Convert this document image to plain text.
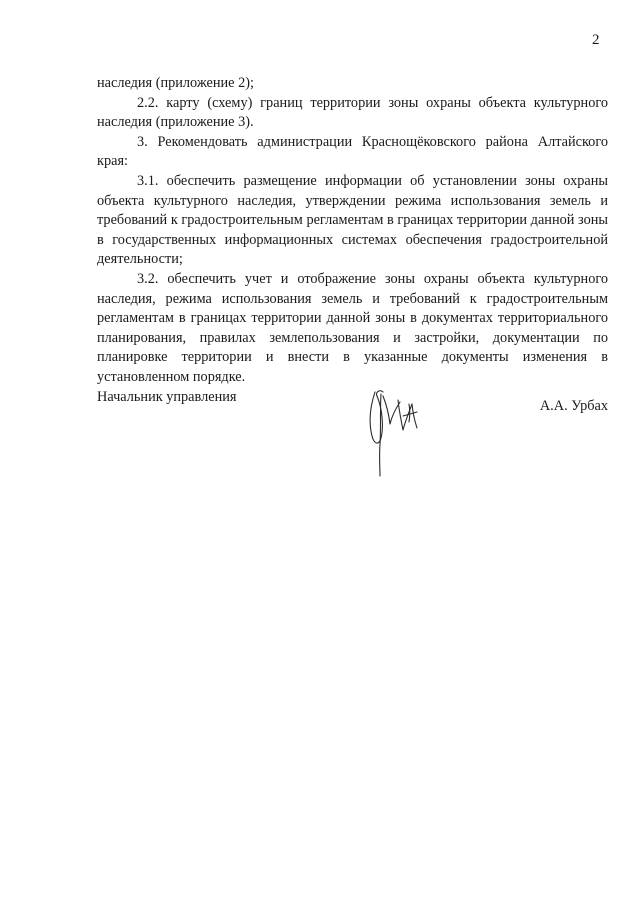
2

наследия (приложение 2);

2.2. карту (схему) границ территории зоны охраны объекта культурного наследия (приложение 3).

3. Рекомендовать администрации Краснощёковского района Алтайского края:

3.1. обеспечить размещение информации об установлении зоны охраны объекта культурного наследия, утверждении режима использования земель и требований к градостроительным регламентам в границах территории данной зоны в государственных информационных системах обеспечения градостроительной деятельности;

3.2. обеспечить учет и отображение зоны охраны объекта культурного наследия, режима использования земель и требований к градостроительным регламентам в границах территории данной зоны в документах территориального планирования, правилах землепользования и застройки, документации по планировке территории и внести в указанные документы изменения в установленном порядке.

Начальник управления
А.А. Урбах
